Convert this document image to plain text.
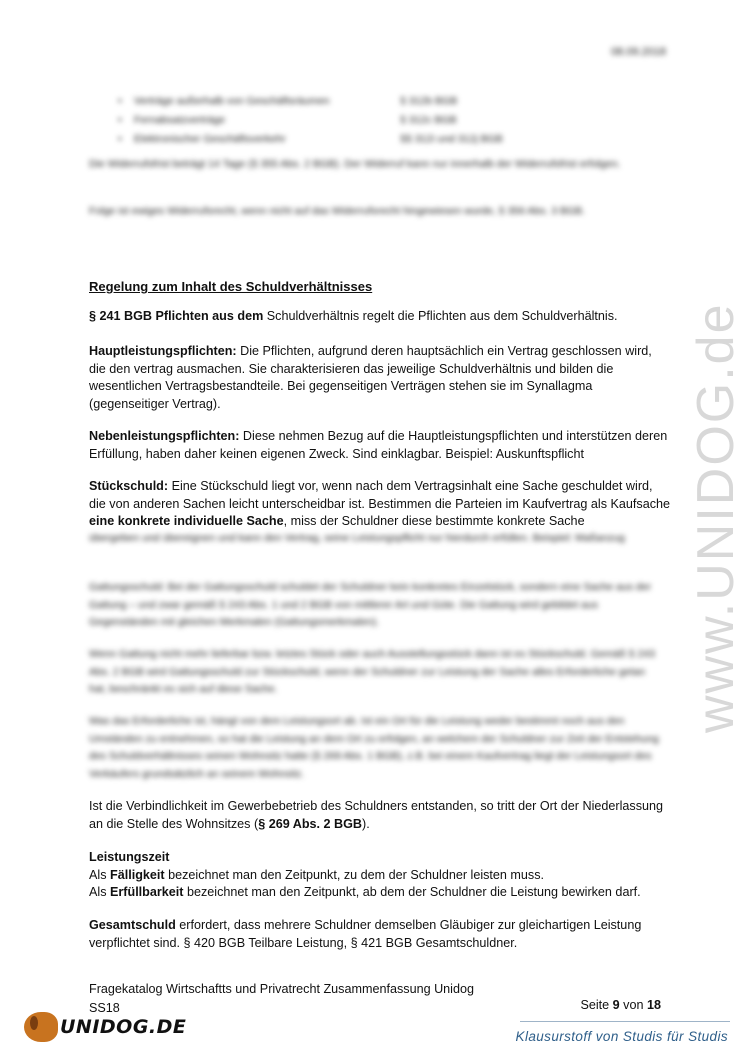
08.09.2018
•	Verträge außerhalb von Geschäftsräumen	§ 312b BGB
•	Fernabsatzverträge	§ 312c BGB
•	Elektronischer Geschäftsverkehr	§§ 312i und 312j BGB
Die Widerrufsfrist beträgt 14 Tage (§ 355 Abs. 2 BGB). Der Widerruf kann nur innerhalb der Widerrufsfrist erfolgen.
Folge ist ewiges Widerrufsrecht, wenn nicht auf das Widerrufsrecht hingewiesen wurde, § 356 Abs. 3 BGB.
Regelung zum Inhalt des Schuldverhältnisses
§ 241 BGB Pflichten aus dem Schuldverhältnis regelt die Pflichten aus dem Schuldverhältnis.
Hauptleistungspflichten: Die Pflichten, aufgrund deren hauptsächlich ein Vertrag geschlossen wird, die den vertrag ausmachen. Sie charakterisieren das jeweilige Schuldverhältnis und bilden die wesentlichen Vertragsbestandteile. Bei gegenseitigen Verträgen stehen sie im Synallagma (gegenseitiger Vertrag).
Nebenleistungspflichten: Diese nehmen Bezug auf die Hauptleistungspflichten und interstützen deren Erfüllung, haben daher keinen eigenen Zweck. Sind einklagbar. Beispiel: Auskunftspflicht
Stückschuld: Eine Stückschuld liegt vor, wenn nach dem Vertragsinhalt eine Sache geschuldet wird, die von anderen Sachen leicht unterscheidbar ist. Bestimmen die Parteien im Kaufvertrag als Kaufsache eine konkrete individuelle Sache, miss der Schuldner diese bestimmte konkrete Sache
übergeben und übereignen und kann den Vertrag, seine Leistungspflicht nur hierdurch erfüllen. Beispiel: Maßanzug
Gattungsschuld: Bei der Gattungsschuld schuldet der Schuldner kein konkretes Einzelstück, sondern eine Sache aus der Gattung – und zwar gemäß § 243 Abs. 1 und 2 BGB von mittlerer Art und Güte. Die Gattung wird gebildet aus Gegenständen mit gleichen Merkmalen (Gattungsmerkmalen).
Wenn Gattung nicht mehr lieferbar bzw. letztes Stück oder auch Ausstellungsstück dann ist es Stückschuld. Gemäß § 243 Abs. 2 BGB wird Gattungsschuld zur Stückschuld, wenn der Schuldner zur Leistung der Sache alles Erforderliche getan hat, beschränkt es sich auf diese Sache.
Was das Erforderliche ist, hängt von dem Leistungsort ab. Ist ein Ort für die Leistung weder bestimmt noch aus den Umständen zu entnehmen, so hat die Leistung an dem Ort zu erfolgen, an welchem der Schuldner zur Zeit der Entstehung des Schuldverhältnisses seinen Wohnsitz hatte (§ 269 Abs. 1 BGB), z.B. bei einem Kaufvertrag liegt der Leistungsort des Verkäufers grundsätzlich an seinem Wohnsitz.
Ist die Verbindlichkeit im Gewerbebetrieb des Schuldners entstanden, so tritt der Ort der Niederlassung an die Stelle des Wohnsitzes (§ 269 Abs. 2 BGB).
Leistungszeit
Als Fälligkeit bezeichnet man den Zeitpunkt, zu dem der Schuldner leisten muss.
Als Erfüllbarkeit bezeichnet man den Zeitpunkt, ab dem der Schuldner die Leistung bewirken darf.
Gesamtschuld erfordert, dass mehrere Schuldner demselben Gläubiger zur gleichartigen Leistung verpflichtet sind. § 420 BGB Teilbare Leistung, § 421 BGB Gesamtschuldner.
www.UNIDOG.de
Fragekatalog Wirtschaftts und Privatrecht Zusammenfassung Unidog
SS18	Seite 9 von 18
UNIDOG.DE	Klausurstoff von Studis für Studis
